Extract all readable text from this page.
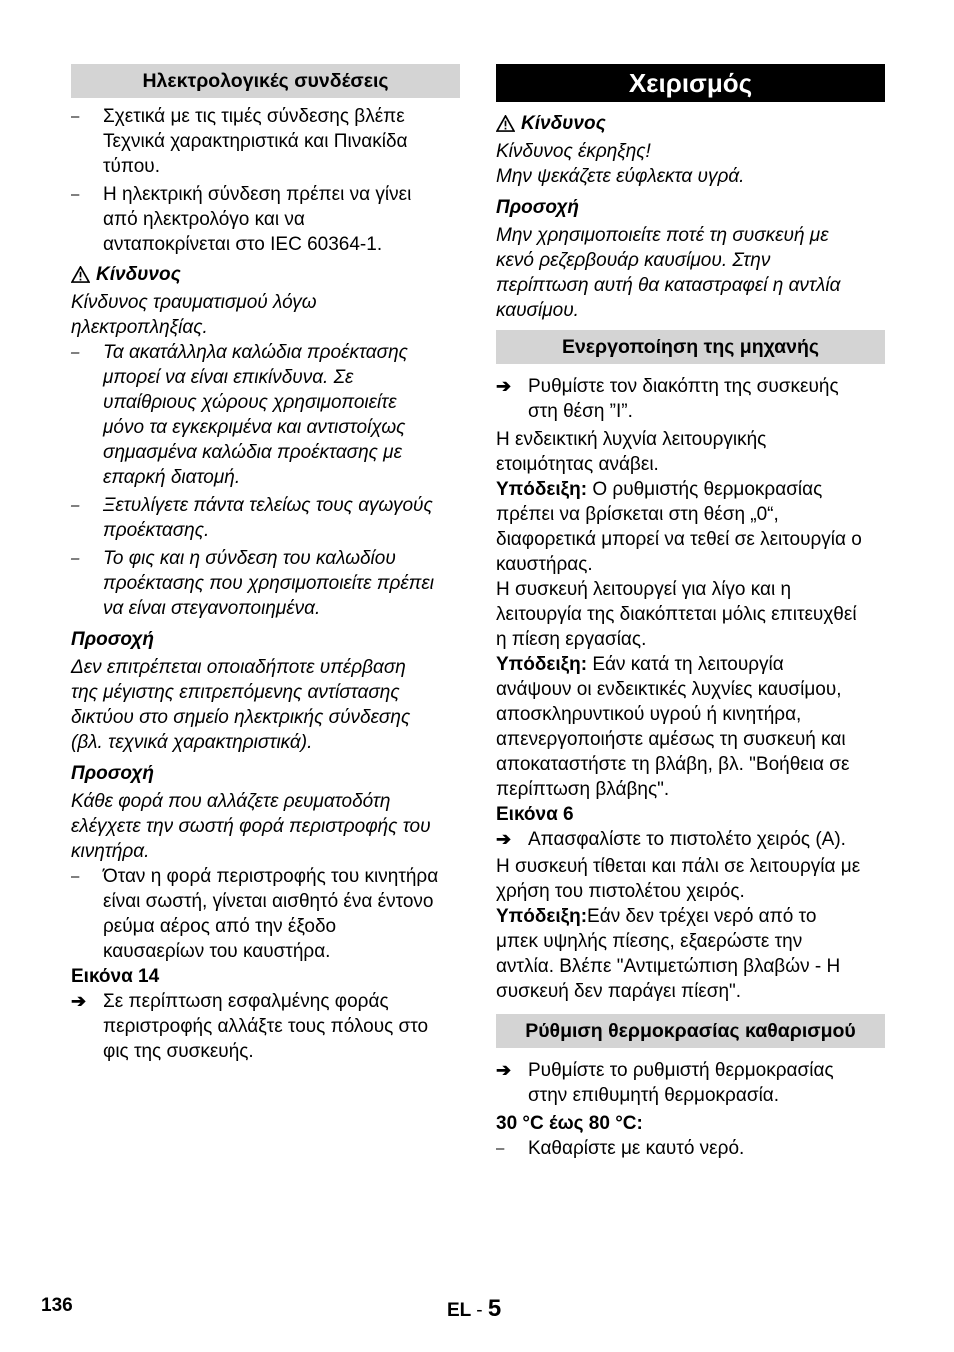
Ηλεκτρολογικές συνδέσεις
–	Σχετικά με τις τιμές σύνδεσης βλέπε
Τεχνικά χαρακτηριστικά και Πινακίδα
τύπου.
–	Η ηλεκτρική σύνδεση πρέπει να γίνει
από ηλεκτρολόγο και να
ανταποκρίνεται στο IEC 60364-1.
Κίνδυνος
Κίνδυνος τραυματισμού λόγω
ηλεκτροπληξίας.
–	Τα ακατάλληλα καλώδια προέκτασης
μπορεί να είναι επικίνδυνα. Σε
υπαίθριους χώρους χρησιμοποιείτε
μόνο τα εγκεκριμένα και αντιστοίχως
σημασμένα καλώδια προέκτασης με
επαρκή διατομή.
–	Ξετυλίγετε πάντα τελείως τους αγωγούς
προέκτασης.
–	Το φις και η σύνδεση του καλωδίου
προέκτασης που χρησιμοποιείτε πρέπει
να είναι στεγανοποιημένα.
Προσοχή
Δεν επιτρέπεται οποιαδήποτε υπέρβαση
της μέγιστης επιτρεπόμενης αντίστασης
δικτύου στο σημείο ηλεκτρικής σύνδεσης
(βλ. τεχνικά χαρακτηριστικά).
Προσοχή
Κάθε φορά που αλλάζετε ρευματοδότη
ελέγχετε την σωστή φορά περιστροφής του
κινητήρα.
–	Όταν η φορά περιστροφής του κινητήρα
είναι σωστή, γίνεται αισθητό ένα έντονο
ρεύμα αέρος από την έξοδο
καυσαερίων του καυστήρα.
Εικόνα 14
➔ Σε περίπτωση εσφαλμένης φοράς
περιστροφής αλλάξτε τους πόλους στο
φις της συσκευής.
Χειρισμός
Κίνδυνος
Κίνδυνος έκρηξης!
Μην ψεκάζετε εύφλεκτα υγρά.
Προσοχή
Μην χρησιμοποιείτε ποτέ τη συσκευή με
κενό ρεζερβουάρ καυσίμου. Στην
περίπτωση αυτή θα καταστραφεί η αντλία
καυσίμου.
Ενεργοποίηση της μηχανής
➔ Ρυθμίστε τον διακόπτη της συσκευής
στη θέση ”I”.
Η ενδεικτική λυχνία λειτουργικής
ετοιμότητας ανάβει.
Υπόδειξη: Ο ρυθμιστής θερμοκρασίας
πρέπει να βρίσκεται στη θέση „0“,
διαφορετικά μπορεί να τεθεί σε λειτουργία ο
καυστήρας.
Η συσκευή λειτουργεί για λίγο και η
λειτουργία της διακόπτεται μόλις επιτευχθεί
η πίεση εργασίας.
Υπόδειξη: Εάν κατά τη λειτουργία
ανάψουν οι ενδεικτικές λυχνίες καυσίμου,
αποσκληρυντικού υγρού ή κινητήρα,
απενεργοποιήστε αμέσως τη συσκευή και
αποκαταστήστε τη βλάβη, βλ. "Βοήθεια σε
περίπτωση βλάβης".
Εικόνα 6
➔ Απασφαλίστε το πιστολέτο χειρός (A).
Η συσκευή τίθεται και πάλι σε λειτουργία με
χρήση του πιστολέτου χειρός.
Υπόδειξη:Εάν δεν τρέχει νερό από το
μπεκ υψηλής πίεσης, εξαερώστε την
αντλία. Βλέπε "Αντιμετώπιση βλαβών - Η
συσκευή δεν παράγει πίεση".
Ρύθμιση θερμοκρασίας καθαρισμού
➔ Ρυθμίστε το ρυθμιστή θερμοκρασίας
στην επιθυμητή θερμοκρασία.
30 °C έως 80 °C:
–	Καθαρίστε με καυτό νερό.
136	EL - 5
